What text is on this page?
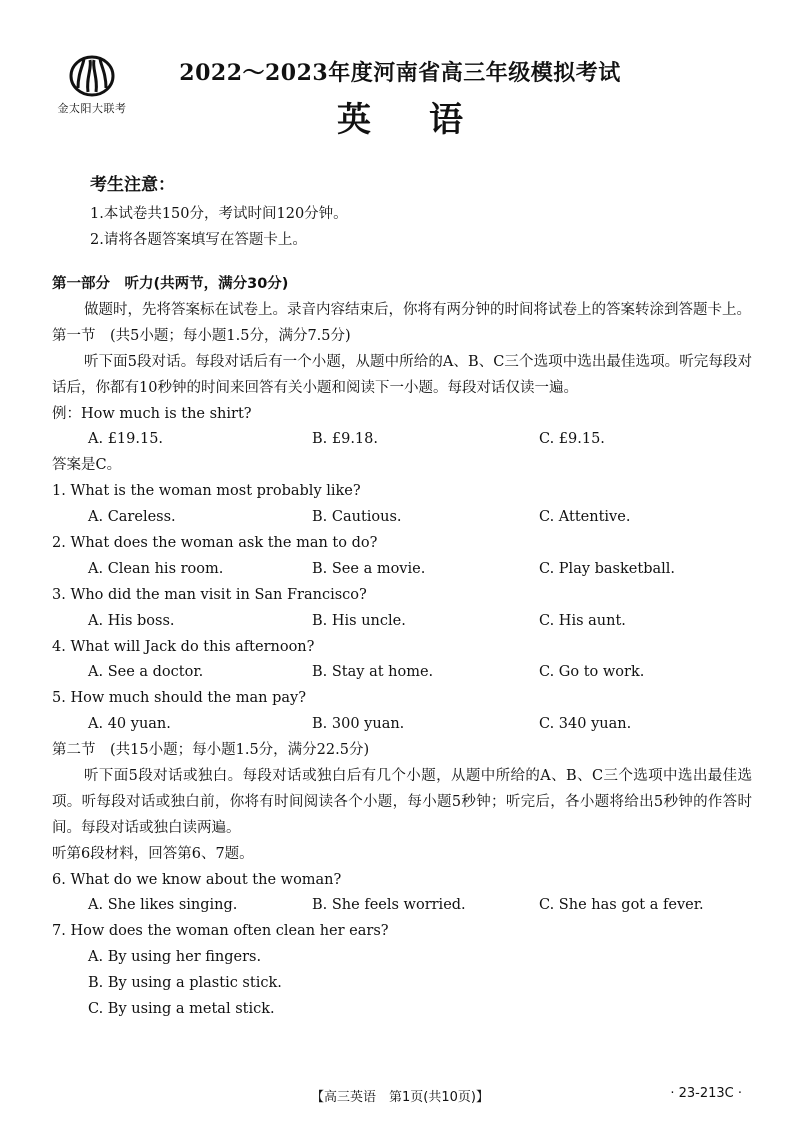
金太阳大联考
2022～2023年度河南省高三年级模拟考试
英语
考生注意：
1.本试卷共150分，考试时间120分钟。
2.请将各题答案填写在答题卡上。
第一部分　听力(共两节，满分30分)
做题时，先将答案标在试卷上。录音内容结束后，你将有两分钟的时间将试卷上的答案转涂到答题卡上。
第一节　(共5小题；每小题1.5分，满分7.5分)
听下面5段对话。每段对话后有一个小题，从题中所给的A、B、C三个选项中选出最佳选项。听完每段对话后，你都有10秒钟的时间来回答有关小题和阅读下一小题。每段对话仅读一遍。
例：How much is the shirt?
A. £19.15.	B. £9.18.	C. £9.15.
答案是C。
1. What is the woman most probably like?
A. Careless.	B. Cautious.	C. Attentive.
2. What does the woman ask the man to do?
A. Clean his room.	B. See a movie.	C. Play basketball.
3. Who did the man visit in San Francisco?
A. His boss.	B. His uncle.	C. His aunt.
4. What will Jack do this afternoon?
A. See a doctor.	B. Stay at home.	C. Go to work.
5. How much should the man pay?
A. 40 yuan.	B. 300 yuan.	C. 340 yuan.
第二节　(共15小题；每小题1.5分，满分22.5分)
听下面5段对话或独白。每段对话或独白后有几个小题，从题中所给的A、B、C三个选项中选出最佳选项。听每段对话或独白前，你将有时间阅读各个小题，每小题5秒钟；听完后，各小题将给出5秒钟的作答时间。每段对话或独白读两遍。
听第6段材料，回答第6、7题。
6. What do we know about the woman?
A. She likes singing.	B. She feels worried.	C. She has got a fever.
7. How does the woman often clean her ears?
A. By using her fingers.
B. By using a plastic stick.
C. By using a metal stick.
【高三英语　第1页(共10页)】	· 23-213C ·
